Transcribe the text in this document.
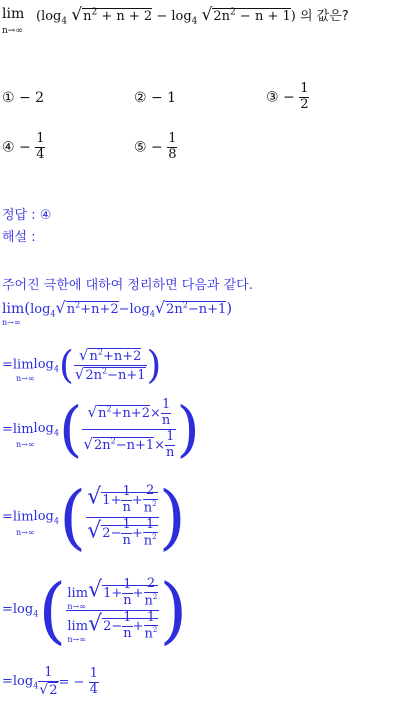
lim
n→∞
($\log_4$ $√n^2 + n + 2 - \log_4 √2n^2 - n + 1$) 의 값은?
① − 2	② − 1	③ − $\frac{1}{2}$
④ − $\frac{1}{4}$	⑤ − $\frac{1}{8}$
정답 : ④
해설 :
주어진 극한에 대하여 정리하면 다음과 같다.
$\lim(\log_4√n^2+n+2-\log_4√2n^2-n+1)$
n→∞
$=limlog_4( \frac{√n^2+n+2}{√2n^2-n+1}$ )
n→∞
$=limlog_4( \frac{√n^2+n+2\times \frac{1}{n}}{√2n^2-n+1\times \frac{1}{n}}$ )
n→∞
$=limlog_4( \frac{√1+ \frac{1}{n} + \frac{2}{n^2}}{√2- \frac{1}{n} + \frac{1}{n^2}}$ )
n→∞
$=\log_4$( lim
n→∞
$√1+ \frac{1}{n} + \frac{2}{n^2}$
lim
n→∞
$√2- \frac{1}{n} + \frac{1}{n^2}$ )
$=\log_4 \frac{1}{√2}$ = − $\frac{1}{4}$
